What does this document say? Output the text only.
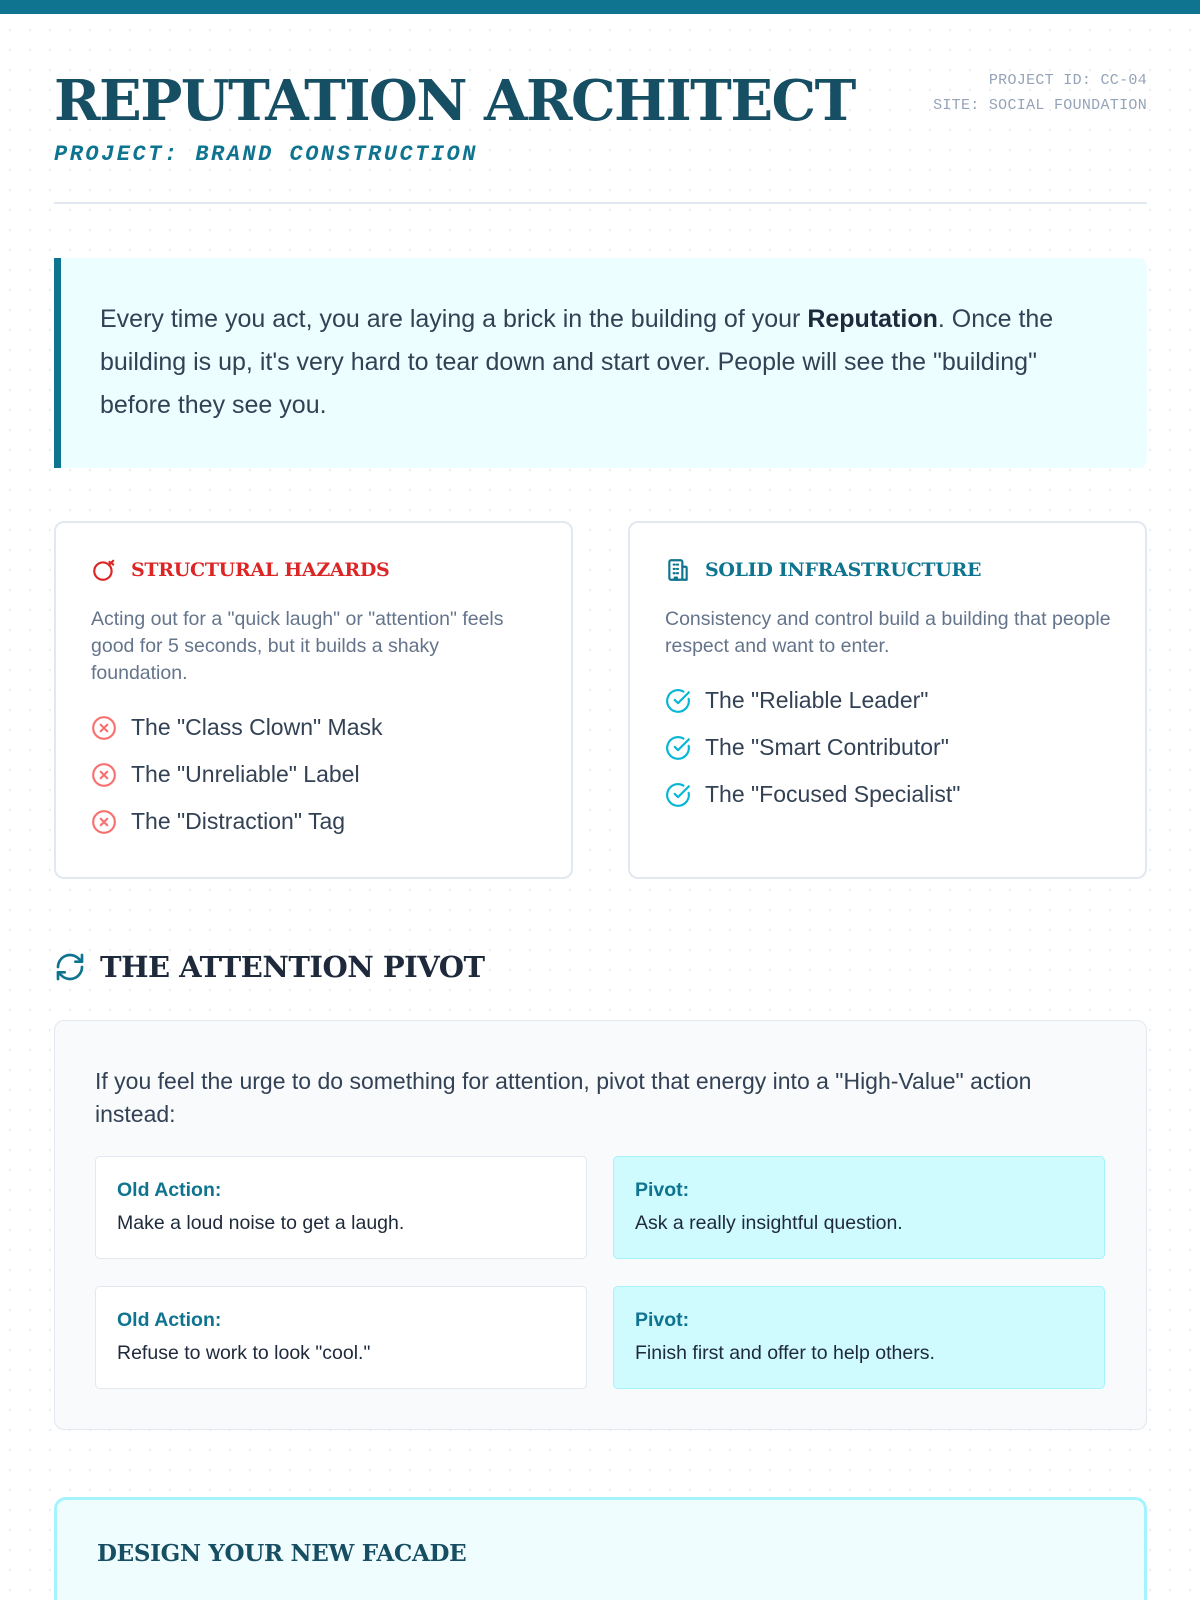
REPUTATION ARCHITECT
PROJECT: BRAND CONSTRUCTION
PROJECT ID: CC-04
SITE: SOCIAL FOUNDATION
Every time you act, you are laying a brick in the building of your Reputation. Once the building is up, it's very hard to tear down and start over. People will see the "building" before they see you.
STRUCTURAL HAZARDS

Acting out for a "quick laugh" or "attention" feels good for 5 seconds, but it builds a shaky foundation.

The "Class Clown" Mask
The "Unreliable" Label
The "Distraction" Tag
SOLID INFRASTRUCTURE

Consistency and control build a building that people respect and want to enter.

The "Reliable Leader"
The "Smart Contributor"
The "Focused Specialist"
THE ATTENTION PIVOT

If you feel the urge to do something for attention, pivot that energy into a "High-Value" action instead:

Old Action:
Make a loud noise to get a laugh.
Pivot:
Ask a really insightful question.
Old Action:
Refuse to work to look "cool."
Pivot:
Finish first and offer to help others.
DESIGN YOUR NEW FACADE
